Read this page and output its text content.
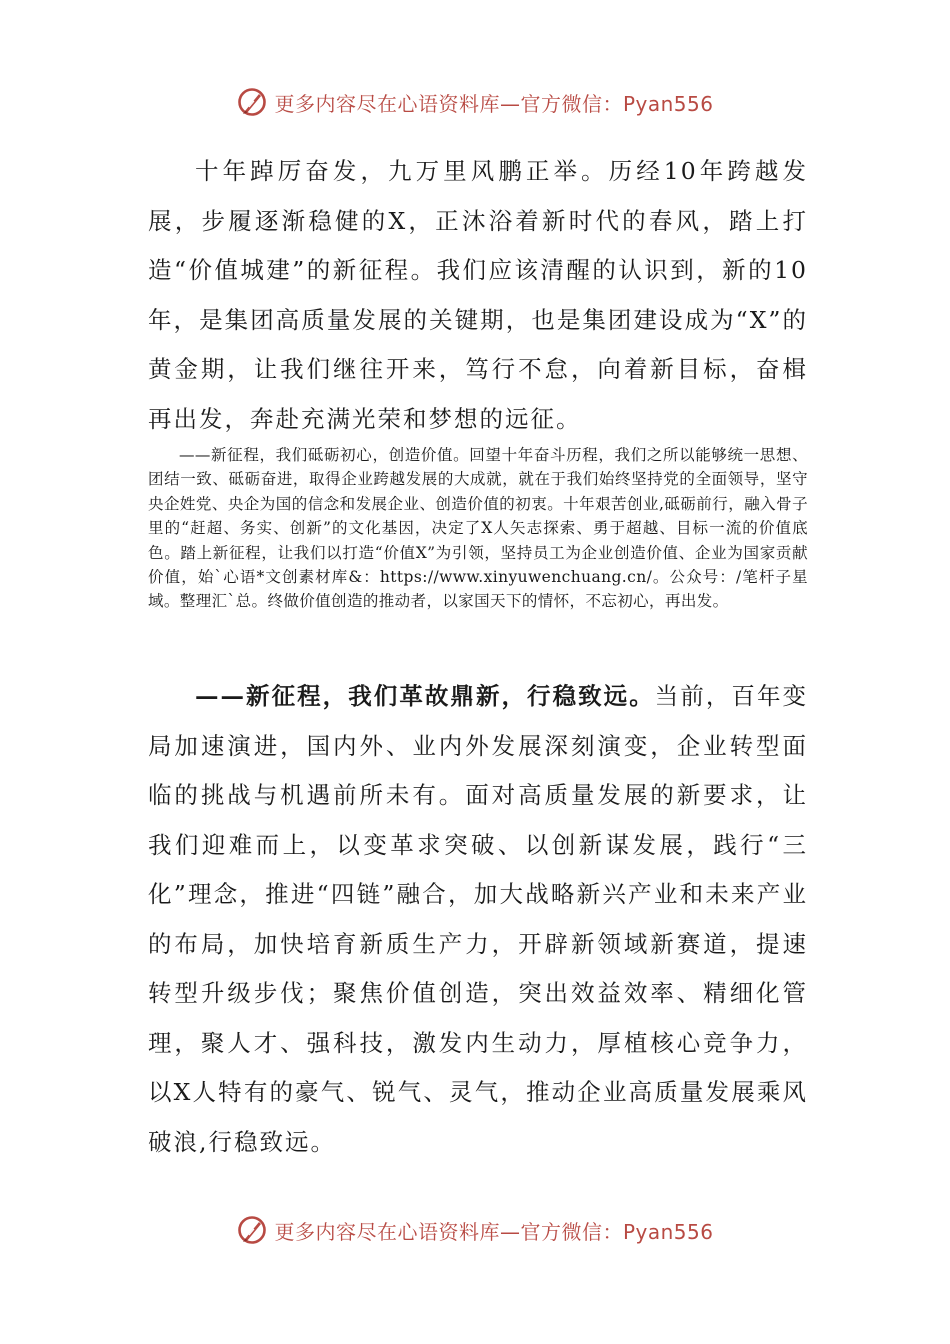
更多内容尽在心语资料库—官方微信：Pyan556

十年踔厉奋发，九万里风鹏正举。历经10年跨越发展，步履逐渐稳健的X，正沐浴着新时代的春风，踏上打造“价值城建”的新征程。我们应该清醒的认识到，新的10年，是集团高质量发展的关键期，也是集团建设成为“X”的黄金期，让我们继往开来，笃行不怠，向着新目标，奋楫再出发，奔赴充满光荣和梦想的远征。

——新征程，我们砥砺初心，创造价值。回望十年奋斗历程，我们之所以能够统一思想、团结一致、砥砺奋进，取得企业跨越发展的大成就，就在于我们始终坚持党的全面领导，坚守央企姓党、央企为国的信念和发展企业、创造价值的初衷。十年艰苦创业,砥砺前行，融入骨子里的“赶超、务实、创新”的文化基因，决定了X人矢志探索、勇于超越、目标一流的价值底色。踏上新征程，让我们以打造“价值X”为引领，坚持员工为企业创造价值、企业为国家贡献价值，始`心语*文创素材库&：https://www.xinyuwenchuang.cn/。公众号：/笔杆子星域。整理汇`总。终做价值创造的推动者，以家国天下的情怀，不忘初心，再出发。

——新征程，我们革故鼎新，行稳致远。当前，百年变局加速演进，国内外、业内外发展深刻演变，企业转型面临的挑战与机遇前所未有。面对高质量发展的新要求，让我们迎难而上，以变革求突破、以创新谋发展，践行“三化”理念，推进“四链”融合，加大战略新兴产业和未来产业的布局，加快培育新质生产力，开辟新领域新赛道，提速转型升级步伐；聚焦价值创造，突出效益效率、精细化管理，聚人才、强科技，激发内生动力，厚植核心竞争力，以X人特有的豪气、锐气、灵气，推动企业高质量发展乘风破浪,行稳致远。

更多内容尽在心语资料库—官方微信：Pyan556
